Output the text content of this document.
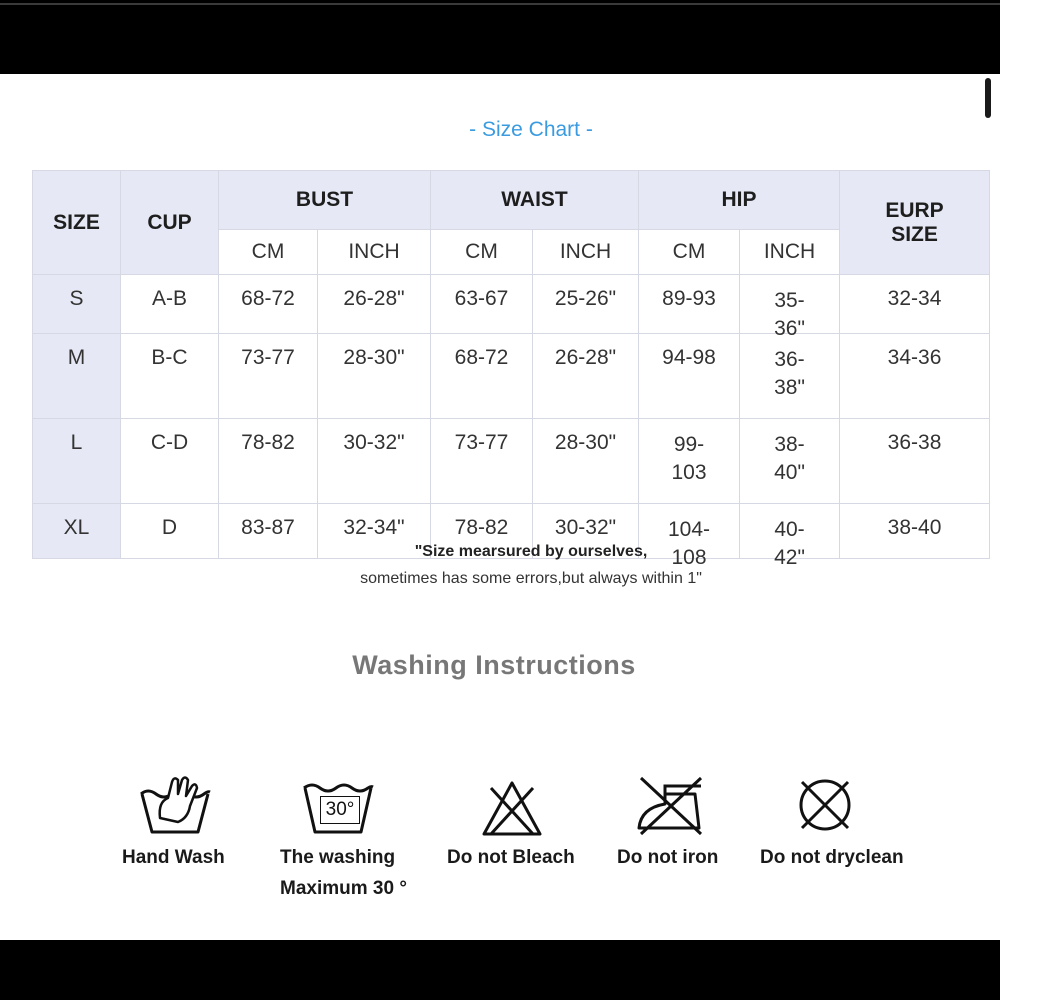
- Size Chart -
SIZE	CUP	BUST		WAIST		HIP		EURP
SIZE

		CM	INCH	CM	INCH	CM	INCH	
S	A-B	68-72	26-28"	63-67	25-26"	89-93	35-36"	32-34
M	B-C	73-77	28-30"	68-72	26-28"	94-98	36-38"	34-36
L	C-D	78-82	30-32"	73-77	28-30"	99-103	38-40"	36-38
XL	D	83-87	32-34"	78-82	30-32"	104-108	40-42"	38-40
"Size mearsured by ourselves,
sometimes has some errors,but always within 1"
Washing Instructions
Hand Wash
30°
The washing
Maximum 30 °
Do not Bleach Do not iron Do not dryclean
